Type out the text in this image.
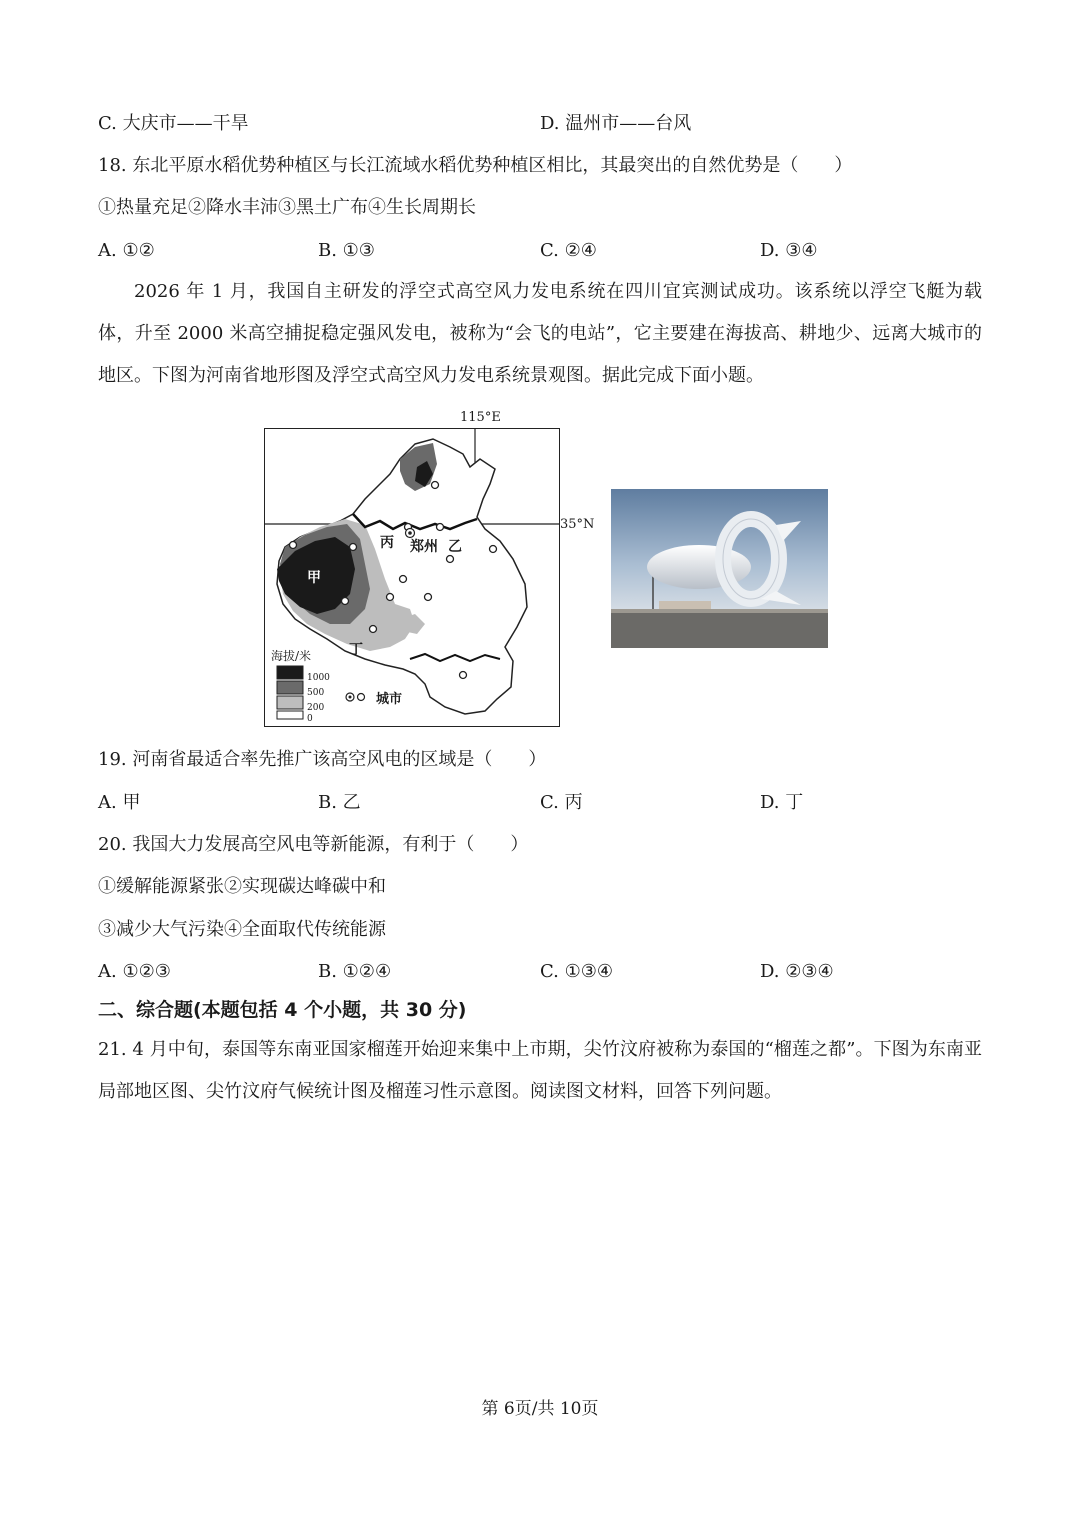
C. 大庆市——干旱	D. 温州市——台风
18. 东北平原水稻优势种植区与长江流域水稻优势种植区相比，其最突出的自然优势是（　　）
①热量充足②降水丰沛③黑土广布④生长周期长
A. ①②	B. ①③	C. ②④	D. ③④
2026 年 1 月，我国自主研发的浮空式高空风力发电系统在四川宜宾测试成功。该系统以浮空飞艇为载体，升至 2000 米高空捕捉稳定强风发电，被称为“会飞的电站”，它主要建在海拔高、耕地少、远离大城市的地区。下图为河南省地形图及浮空式高空风力发电系统景观图。据此完成下面小题。
115°E
35°N
丙 郑州 乙
甲
丁
海拔/米
1000
500
200
0
城市
19. 河南省最适合率先推广该高空风电的区域是（　　）
A. 甲	B. 乙	C. 丙	D. 丁
20. 我国大力发展高空风电等新能源，有利于（　　）
①缓解能源紧张②实现碳达峰碳中和
③减少大气污染④全面取代传统能源
A. ①②③	B. ①②④	C. ①③④	D. ②③④
二、综合题(本题包括 4 个小题，共 30 分)
21. 4 月中旬，泰国等东南亚国家榴莲开始迎来集中上市期，尖竹汶府被称为泰国的“榴莲之都”。下图为东南亚局部地区图、尖竹汶府气候统计图及榴莲习性示意图。阅读图文材料，回答下列问题。
第 6页/共 10页
